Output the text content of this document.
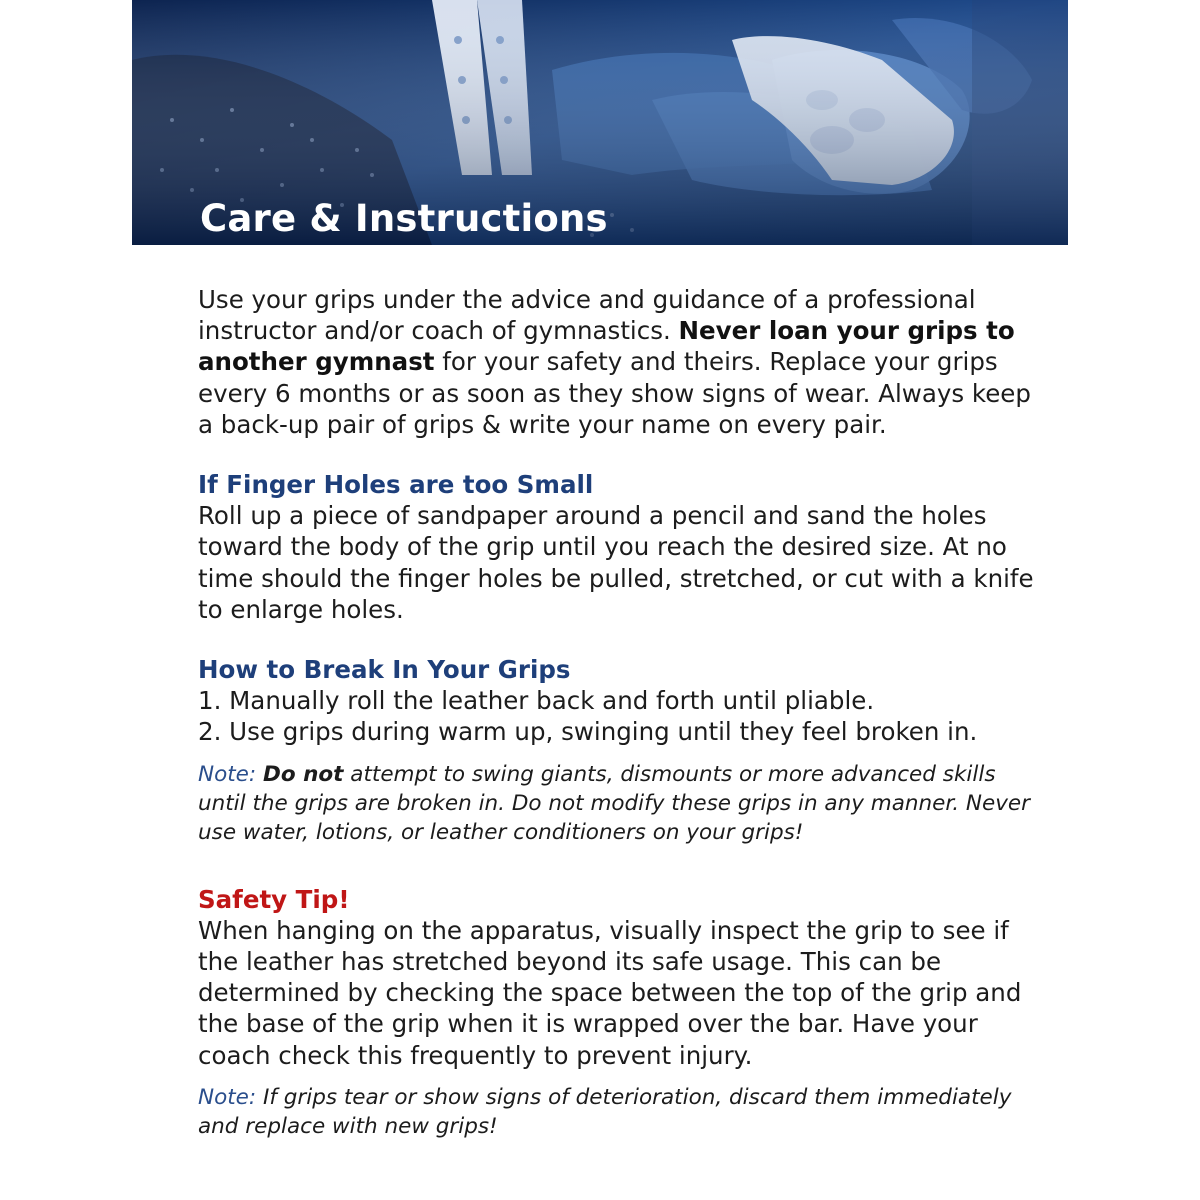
Care & Instructions

Use your grips under the advice and guidance of a professional instructor and/or coach of gymnastics. Never loan your grips to another gymnast for your safety and theirs. Replace your grips every 6 months or as soon as they show signs of wear. Always keep a back-up pair of grips & write your name on every pair.

If Finger Holes are too Small

Roll up a piece of sandpaper around a pencil and sand the holes toward the body of the grip until you reach the desired size. At no time should the finger holes be pulled, stretched, or cut with a knife to enlarge holes.

How to Break In Your Grips

1. Manually roll the leather back and forth until pliable.

2. Use grips during warm up, swinging until they feel broken in.

Note: Do not attempt to swing giants, dismounts or more advanced skills until the grips are broken in. Do not modify these grips in any manner. Never use water, lotions, or leather conditioners on your grips!
Safety Tip!

When hanging on the apparatus, visually inspect the grip to see if the leather has stretched beyond its safe usage. This can be determined by checking the space between the top of the grip and the base of the grip when it is wrapped over the bar. Have your coach check this frequently to prevent injury.

Note: If grips tear or show signs of deterioration, discard them immediately and replace with new grips!
